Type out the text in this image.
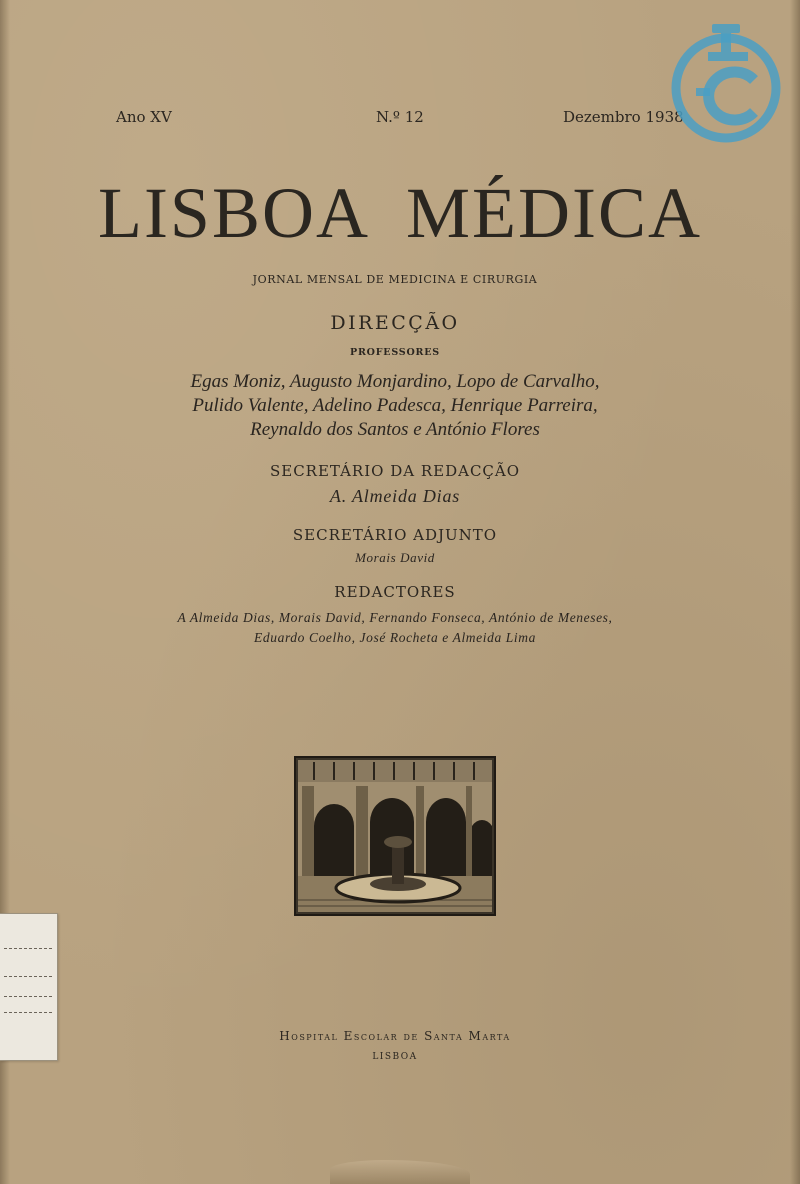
Ano XV	N.º 12	Dezembro 1938
LISBOA  MÉDICA
JORNAL MENSAL DE MEDICINA E CIRURGIA
DIRECÇÃO
PROFESSORES
Egas Moniz, Augusto Monjardino, Lopo de Carvalho,
Pulido Valente, Adelino Padesca, Henrique Parreira,
Reynaldo dos Santos e António Flores
SECRETÁRIO DA REDACÇÃO
A. Almeida Dias
SECRETÁRIO ADJUNTO
Morais David
REDACTORES
A Almeida Dias, Morais David, Fernando Fonseca, António de Meneses,
Eduardo Coelho, José Rocheta e Almeida Lima
Hospital Escolar de Santa Marta
LISBOA
